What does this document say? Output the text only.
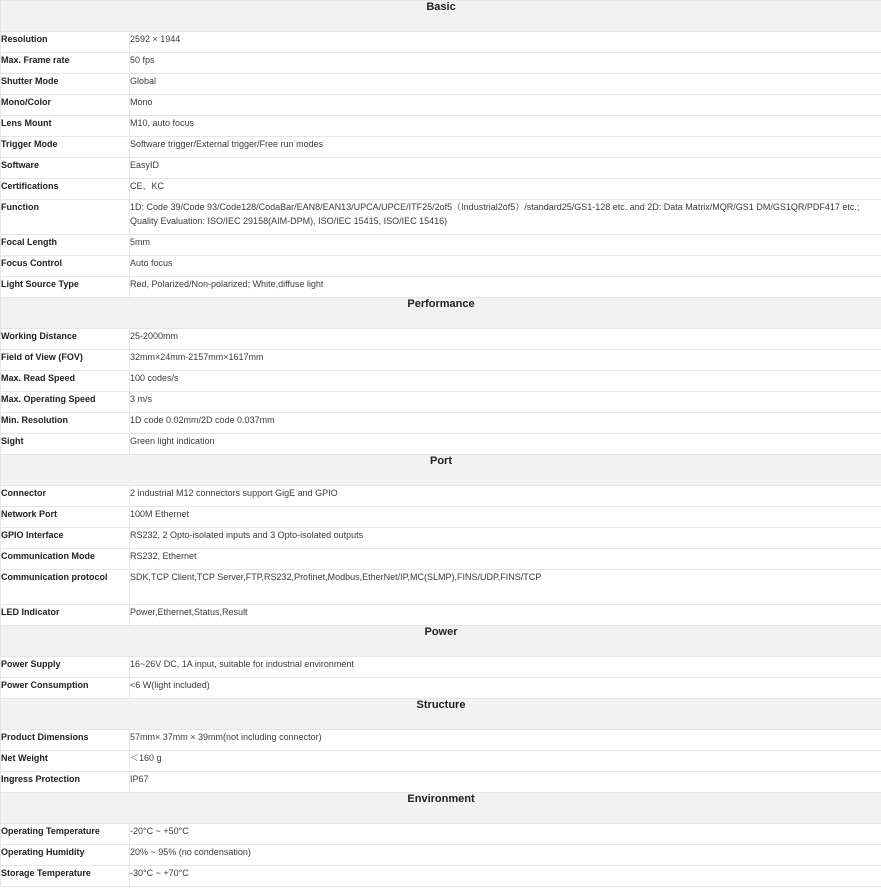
Basic	
Resolution	2592 × 1944
Max. Frame rate	50 fps
Shutter Mode	Global
Mono/Color	Mono
Lens Mount	M10, auto focus
Trigger Mode	Software trigger/External trigger/Free run modes
Software	EasyID
Certifications	CE、KC
Function	1D: Code 39/Code 93/Code128/CodaBar/EAN8/EAN13/UPCA/UPCE/ITF25/2of5（Industrial2of5）/standard25/GS1-128 etc. and 2D: Data Matrix/MQR/GS1 DM/GS1QR/PDF417 etc.; Quality Evaluation: ISO/IEC 29158(AIM-DPM), ISO/IEC 15415, ISO/IEC 15416)
Focal Length	5mm
Focus Control	Auto focus
Light Source Type	Red, Polarized/Non-polarized; White,diffuse light
Performance	
Working Distance	25-2000mm
Field of View (FOV)	32mm×24mm-2157mm×1617mm
Max. Read Speed	100 codes/s
Max. Operating Speed	3 m/s
Min. Resolution	1D code 0.02mm/2D code 0.037mm
Sight	Green light indication
Port	
Connector	2 industrial M12 connectors support GigE and GPIO
Network Port	100M Ethernet
GPIO Interface	RS232, 2 Opto-isolated inputs and 3 Opto-isolated outputs
Communication Mode	RS232, Ethernet
Communication protocol	SDK,TCP Client,TCP Server,FTP,RS232,Profinet,Modbus,EtherNet/IP,MC(SLMP),FINS/UDP,FINS/TCP
LED Indicator	Power,Ethernet,Status,Result
Power	
Power Supply	16~26V DC, 1A input, suitable for industrial environment
Power Consumption	<6 W(light included)
Structure	
Product Dimensions	57mm× 37mm × 39mm(not including connector)
Net Weight	＜160 g
Ingress Protection	IP67
Environment	
Operating Temperature	-20°C ~ +50°C
Operating Humidity	20% ~ 95% (no condensation)
Storage Temperature	-30°C ~ +70°C
